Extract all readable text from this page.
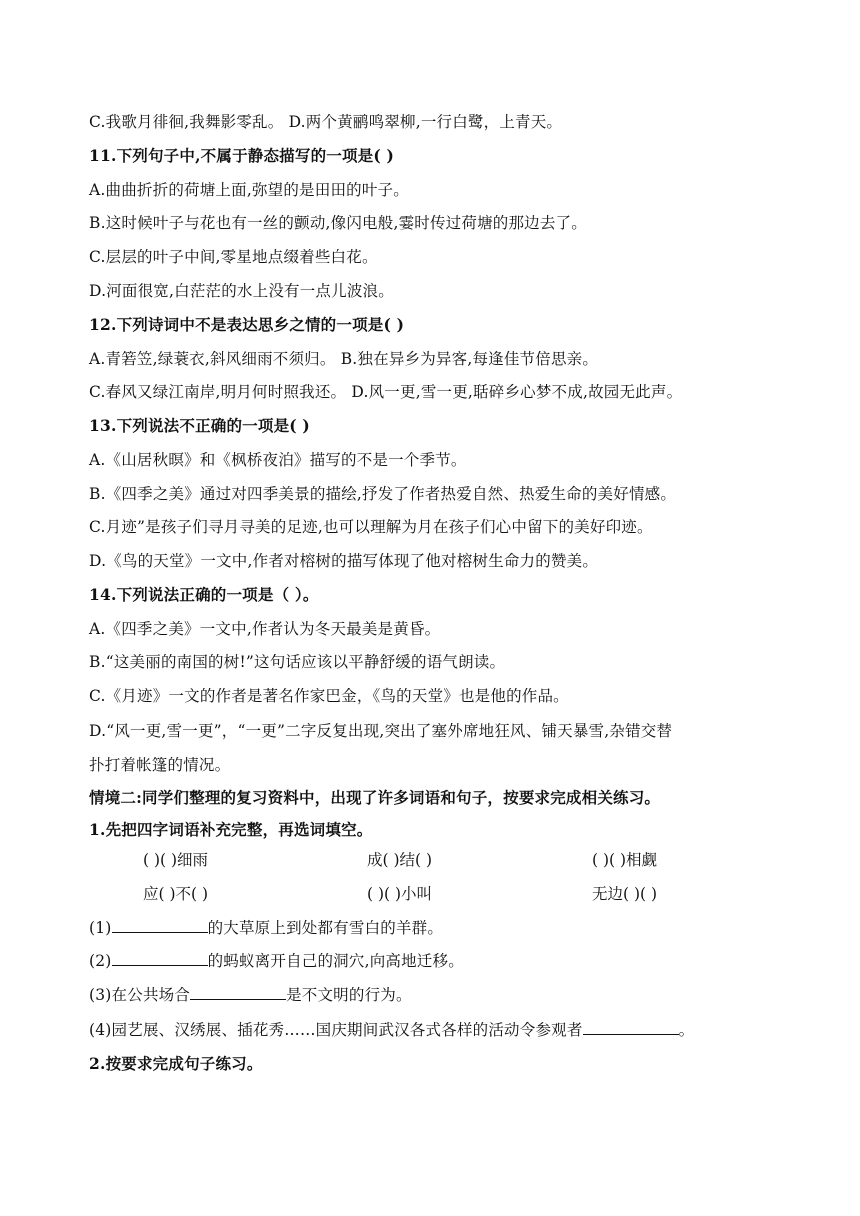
C.我歌月徘徊,我舞影零乱。 D.两个黄鹂鸣翠柳,一行白鹭，上青天。
11.下列句子中,不属于静态描写的一项是( )
A.曲曲折折的荷塘上面,弥望的是田田的叶子。
B.这时候叶子与花也有一丝的颤动,像闪电般,霎时传过荷塘的那边去了。
C.层层的叶子中间,零星地点缀着些白花。
D.河面很宽,白茫茫的水上没有一点儿波浪。
12.下列诗词中不是表达思乡之情的一项是( )
A.青箬笠,绿蓑衣,斜风细雨不须归。 B.独在异乡为异客,每逢佳节倍思亲。
C.春风又绿江南岸,明月何时照我还。 D.风一更,雪一更,聒碎乡心梦不成,故园无此声。
13.下列说法不正确的一项是( )
A.《山居秋暝》和《枫桥夜泊》描写的不是一个季节。
B.《四季之美》通过对四季美景的描绘,抒发了作者热爱自然、热爱生命的美好情感。
C.月迹”是孩子们寻月寻美的足迹,也可以理解为月在孩子们心中留下的美好印迹。
D.《鸟的天堂》一文中,作者对榕树的描写体现了他对榕树生命力的赞美。
14.下列说法正确的一项是（ ）。
A.《四季之美》一文中,作者认为冬天最美是黄昏。
B.“这美丽的南国的树!”这句话应该以平静舒缓的语气朗读。
C.《月迹》一文的作者是著名作家巴金，《鸟的天堂》也是他的作品。
D.“风一更,雪一更”，“一更”二字反复出现,突出了塞外席地狂风、铺天暴雪,杂错交替
扑打着帐篷的情况。
情境二:同学们整理的复习资料中，出现了许多词语和句子，按要求完成相关练习。
1.先把四字词语补充完整，再选词填空。
( )( )细雨	成( )结( )	( )( )相觑
应( )不( )	( )( )小叫	无边( )( )
(1)	的大草原上到处都有雪白的羊群。
(2)	的蚂蚁离开自己的洞穴,向高地迁移。
(3)在公共场合	是不文明的行为。
(4)园艺展、汉绣展、插花秀……国庆期间武汉各式各样的活动令参观者	。
2.按要求完成句子练习。
